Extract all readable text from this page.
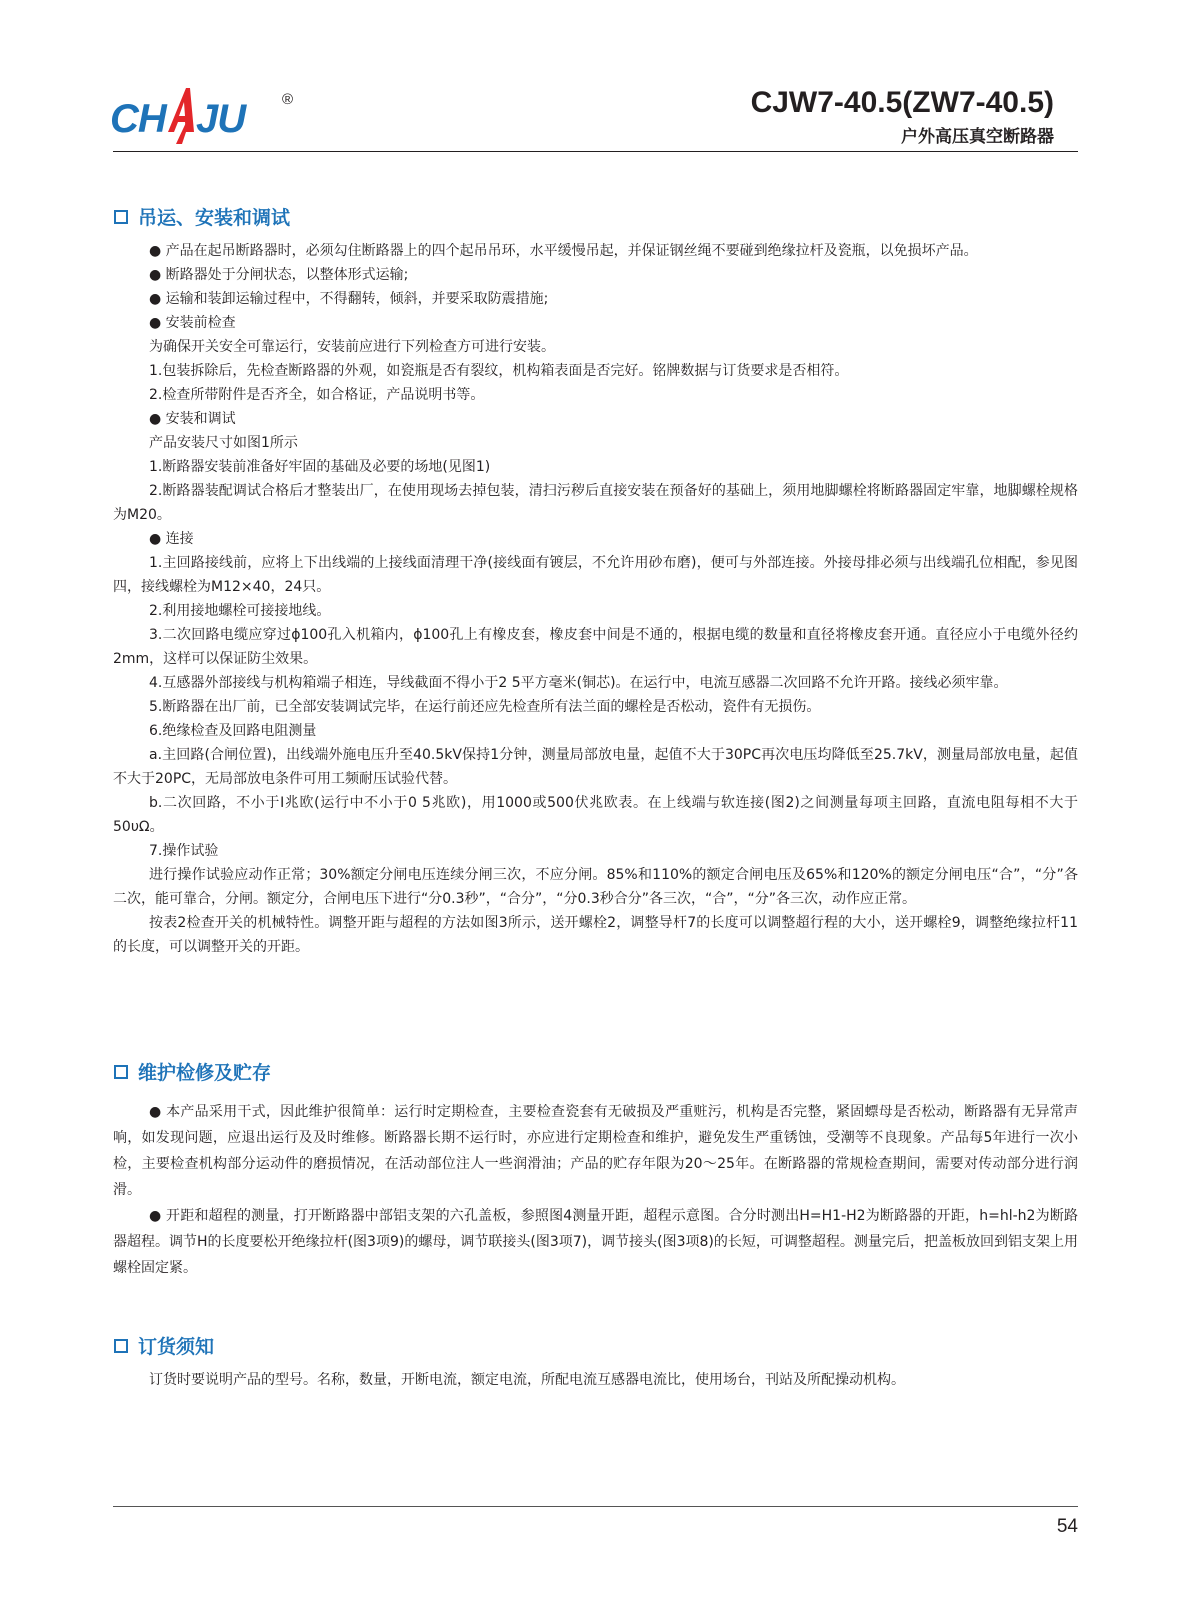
CH JU ®	CJW7-40.5(ZW7-40.5)
户外高压真空断路器
吊运、安装和调试

● 产品在起吊断路器时，必须勾住断路器上的四个起吊吊环，水平缓慢吊起，并保证钢丝绳不要碰到绝缘拉杆及瓷瓶，以免损坏产品。

● 断路器处于分闸状态，以整体形式运输;

● 运输和装卸运输过程中，不得翻转，倾斜，并要采取防震措施;

● 安装前检查

为确保开关安全可靠运行，安装前应进行下列检查方可进行安装。

1.包装拆除后，先检查断路器的外观，如瓷瓶是否有裂纹，机构箱表面是否完好。铭牌数据与订货要求是否相符。

2.检查所带附件是否齐全，如合格证，产品说明书等。

● 安装和调试

产品安装尺寸如图1所示

1.断路器安装前准备好牢固的基础及必要的场地(见图1)

2.断路器装配调试合格后才整装出厂，在使用现场去掉包装，清扫污秽后直接安装在预备好的基础上，须用地脚螺栓将断路器固定牢靠，地脚螺栓规格为M20。

● 连接

1.主回路接线前，应将上下出线端的上接线面清理干净(接线面有镀层，不允许用砂布磨)，便可与外部连接。外接母排必须与出线端孔位相配，参见图四，接线螺栓为M12×40，24只。

2.利用接地螺栓可接接地线。

3.二次回路电缆应穿过ϕ100孔入机箱内，ϕ100孔上有橡皮套，橡皮套中间是不通的，根据电缆的数量和直径将橡皮套开通。直径应小于电缆外径约2mm，这样可以保证防尘效果。

4.互感器外部接线与机构箱端子相连，导线截面不得小于2 5平方毫米(铜芯)。在运行中，电流互感器二次回路不允许开路。接线必须牢靠。

5.断路器在出厂前，已全部安装调试完毕，在运行前还应先检查所有法兰面的螺栓是否松动，瓷件有无损伤。

6.绝缘检查及回路电阻测量

a.主回路(合闸位置)，出线端外施电压升至40.5kV保持1分钟，测量局部放电量，起值不大于30PC再次电压均降低至25.7kV，测量局部放电量，起值不大于20PC，无局部放电条件可用工频耐压试验代替。

b.二次回路，不小于I兆欧(运行中不小于0 5兆欧)，用1000或500伏兆欧表。在上线端与软连接(图2)之间测量每项主回路，直流电阻每相不大于50υΩ。

7.操作试验

进行操作试验应动作正常；30%额定分闸电压连续分闸三次，不应分闸。85%和110%的额定合闸电压及65%和120%的额定分闸电压“合”，“分”各二次，能可靠合，分闸。额定分，合闸电压下进行“分0.3秒”，“合分”，“分0.3秒合分”各三次，“合”，“分”各三次，动作应正常。

按表2检查开关的机械特性。调整开距与超程的方法如图3所示，送开螺栓2，调整导杆7的长度可以调整超行程的大小，送开螺栓9，调整绝缘拉杆11的长度，可以调整开关的开距。

维护检修及贮存

● 本产品采用干式，因此维护很简单：运行时定期检查，主要检查瓷套有无破损及严重赃污，机构是否完整，紧固螵母是否松动，断路器有无异常声响，如发现问题，应退出运行及及时维修。断路器长期不运行时，亦应进行定期检查和维护，避免发生严重锈蚀，受潮等不良现象。产品每5年进行一次小检，主要检查机构部分运动件的磨损情况，在活动部位注人一些润滑油；产品的贮存年限为20～25年。在断路器的常规检查期间，需要对传动部分进行润滑。

● 开距和超程的测量，打开断路器中部铝支架的六孔盖板，参照图4测量开距，超程示意图。合分时测出H=H1-H2为断路器的开距，h=hl-h2为断路器超程。调节H的长度要松开绝缘拉杆(图3项9)的螺母，调节联接头(图3项7)，调节接头(图3项8)的长短，可调整超程。测量完后，把盖板放回到铝支架上用螺栓固定紧。

订货须知

订货时要说明产品的型号。名称，数量，开断电流，额定电流，所配电流互感器电流比，使用场台，刊站及所配操动机构。

54
